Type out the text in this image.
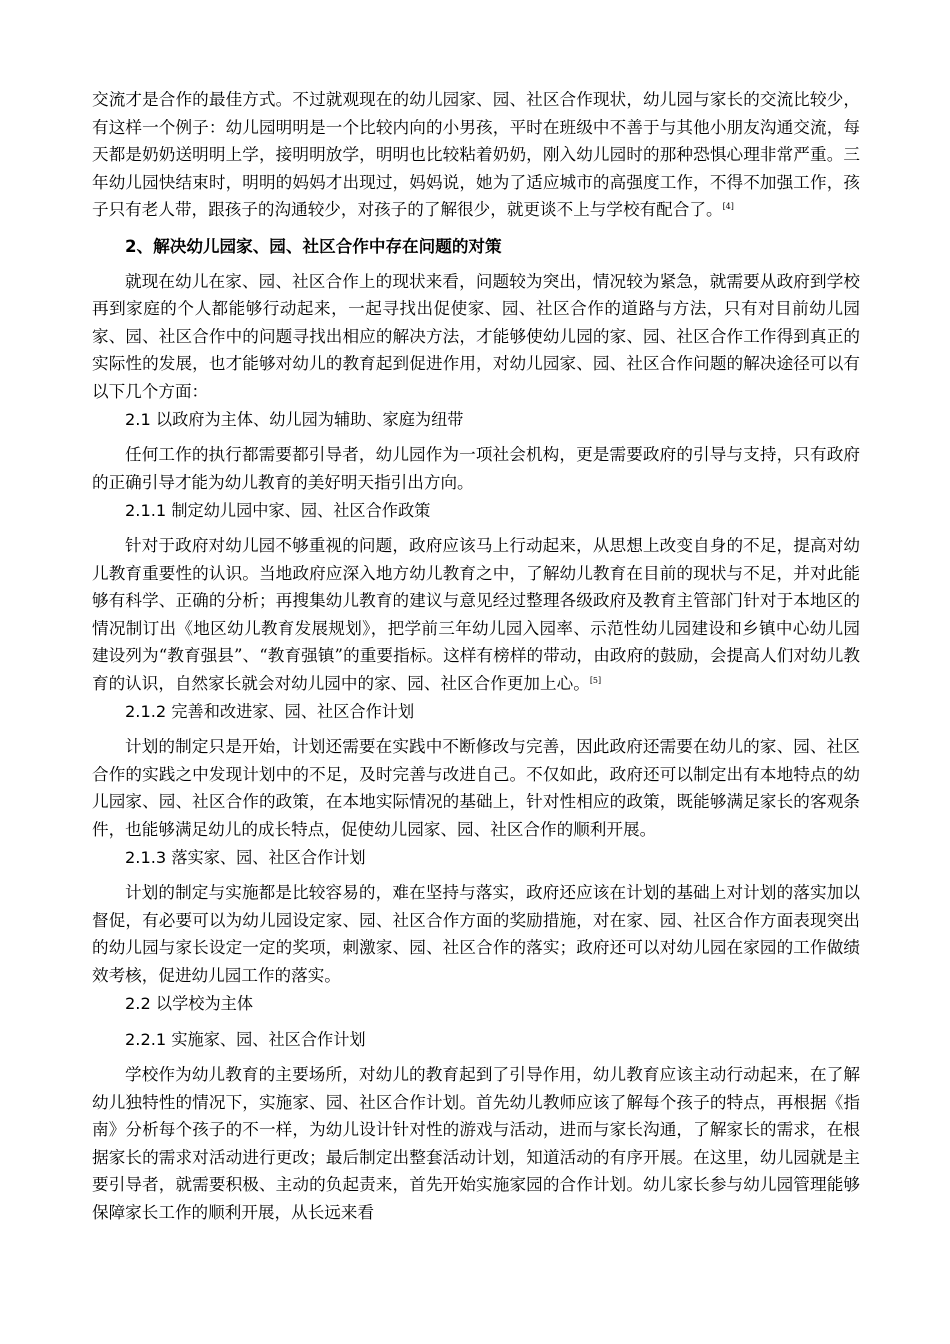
交流才是合作的最佳方式。不过就观现在的幼儿园家、园、社区合作现状，幼儿园与家长的交流比较少，有这样一个例子：幼儿园明明是一个比较内向的小男孩，平时在班级中不善于与其他小朋友沟通交流，每天都是奶奶送明明上学，接明明放学，明明也比较粘着奶奶，刚入幼儿园时的那种恐惧心理非常严重。三年幼儿园快结束时，明明的妈妈才出现过，妈妈说，她为了适应城市的高强度工作，不得不加强工作，孩子只有老人带，跟孩子的沟通较少，对孩子的了解很少，就更谈不上与学校有配合了。[4]

2、解决幼儿园家、园、社区合作中存在问题的对策

就现在幼儿在家、园、社区合作上的现状来看，问题较为突出，情况较为紧急，就需要从政府到学校再到家庭的个人都能够行动起来，一起寻找出促使家、园、社区合作的道路与方法，只有对目前幼儿园家、园、社区合作中的问题寻找出相应的解决方法，才能够使幼儿园的家、园、社区合作工作得到真正的实际性的发展，也才能够对幼儿的教育起到促进作用，对幼儿园家、园、社区合作问题的解决途径可以有以下几个方面：

2.1 以政府为主体、幼儿园为辅助、家庭为纽带

任何工作的执行都需要都引导者，幼儿园作为一项社会机构，更是需要政府的引导与支持，只有政府的正确引导才能为幼儿教育的美好明天指引出方向。

2.1.1 制定幼儿园中家、园、社区合作政策

针对于政府对幼儿园不够重视的问题，政府应该马上行动起来，从思想上改变自身的不足，提高对幼儿教育重要性的认识。当地政府应深入地方幼儿教育之中，了解幼儿教育在目前的现状与不足，并对此能够有科学、正确的分析；再搜集幼儿教育的建议与意见经过整理各级政府及教育主管部门针对于本地区的情况制订出《地区幼儿教育发展规划》，把学前三年幼儿园入园率、示范性幼儿园建设和乡镇中心幼儿园建设列为“教育强县”、“教育强镇”的重要指标。这样有榜样的带动，由政府的鼓励，会提高人们对幼儿教育的认识，自然家长就会对幼儿园中的家、园、社区合作更加上心。[5]

2.1.2 完善和改进家、园、社区合作计划

计划的制定只是开始，计划还需要在实践中不断修改与完善，因此政府还需要在幼儿的家、园、社区合作的实践之中发现计划中的不足，及时完善与改进自己。不仅如此，政府还可以制定出有本地特点的幼儿园家、园、社区合作的政策，在本地实际情况的基础上，针对性相应的政策，既能够满足家长的客观条件，也能够满足幼儿的成长特点，促使幼儿园家、园、社区合作的顺利开展。

2.1.3 落实家、园、社区合作计划

计划的制定与实施都是比较容易的，难在坚持与落实，政府还应该在计划的基础上对计划的落实加以督促，有必要可以为幼儿园设定家、园、社区合作方面的奖励措施，对在家、园、社区合作方面表现突出的幼儿园与家长设定一定的奖项，刺激家、园、社区合作的落实；政府还可以对幼儿园在家园的工作做绩效考核，促进幼儿园工作的落实。

2.2 以学校为主体
2.2.1 实施家、园、社区合作计划

学校作为幼儿教育的主要场所，对幼儿的教育起到了引导作用，幼儿教育应该主动行动起来，在了解幼儿独特性的情况下，实施家、园、社区合作计划。首先幼儿教师应该了解每个孩子的特点，再根据《指南》分析每个孩子的不一样，为幼儿设计针对性的游戏与活动，进而与家长沟通，了解家长的需求，在根据家长的需求对活动进行更改；最后制定出整套活动计划，知道活动的有序开展。在这里，幼儿园就是主要引导者，就需要积极、主动的负起责来，首先开始实施家园的合作计划。幼儿家长参与幼儿园管理能够保障家长工作的顺利开展，从长远来看
